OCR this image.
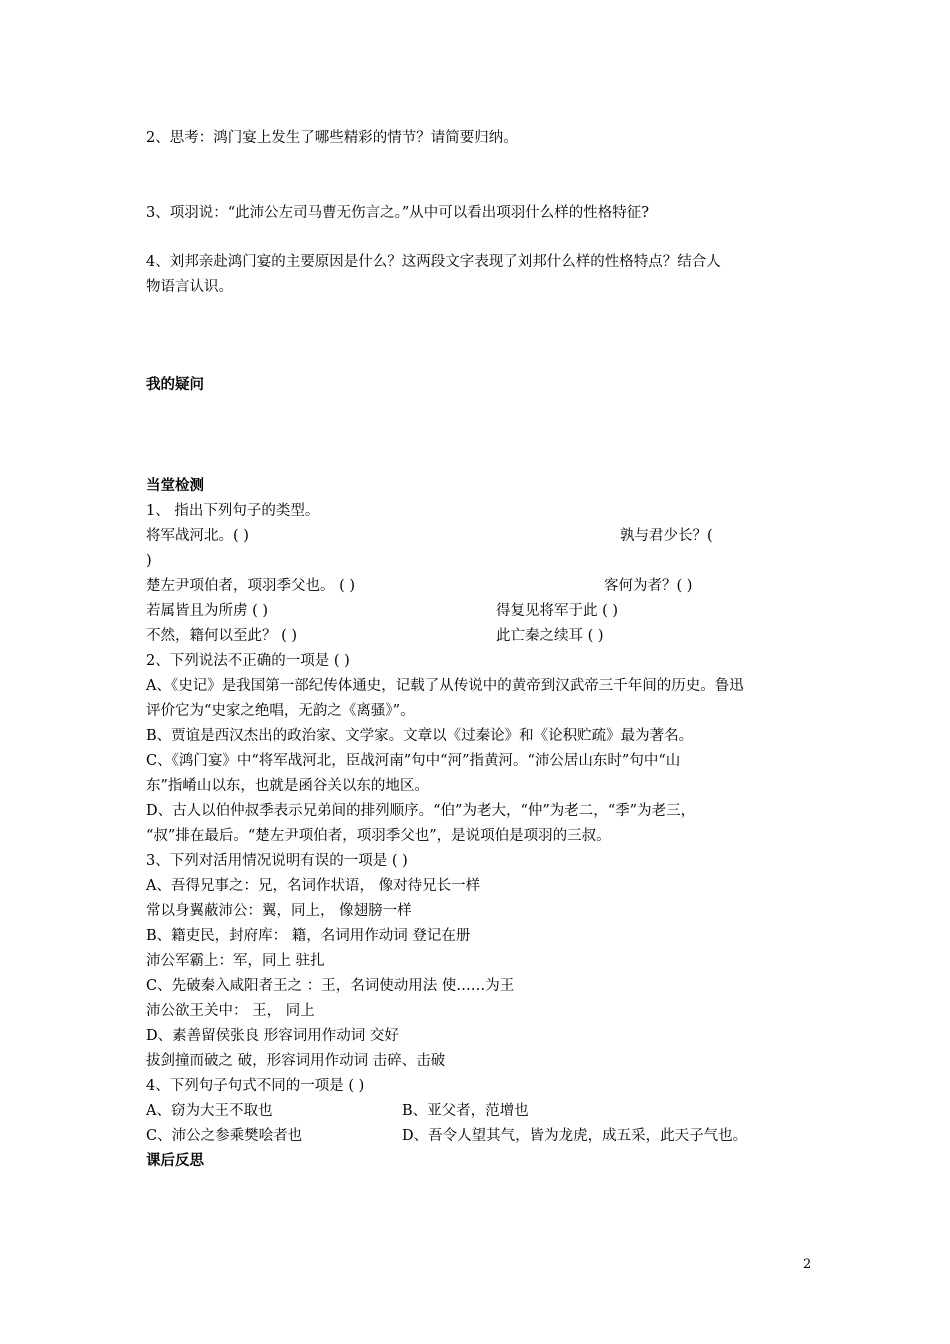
2、思考：鸿门宴上发生了哪些精彩的情节？请简要归纳。
3、项羽说：“此沛公左司马曹无伤言之。”从中可以看出项羽什么样的性格特征?
4、刘邦亲赴鸿门宴的主要原因是什么？这两段文字表现了刘邦什么样的性格特点？结合人
物语言认识。
我的疑问
当堂检测
1、 指出下列句子的类型。
将军战河北。( )	孰与君少长？(
)
楚左尹项伯者，项羽季父也。 ( )	客何为者？( )
若属皆且为所虏 ( )	得复见将军于此 ( )
不然，籍何以至此？ ( )	此亡秦之续耳 ( )
2、下列说法不正确的一项是 ( )
A、《史记》是我国第一部纪传体通史，记载了从传说中的黄帝到汉武帝三千年间的历史。鲁迅
评价它为“史家之绝唱，无韵之《离骚》”。
B、贾谊是西汉杰出的政治家、文学家。文章以《过秦论》和《论积贮疏》最为著名。
C、《鸿门宴》中“将军战河北，臣战河南”句中“河”指黄河。“沛公居山东时”句中“山
东”指崤山以东，也就是函谷关以东的地区。
D、古人以伯仲叔季表示兄弟间的排列顺序。“伯”为老大，“仲”为老二，“季”为老三，
“叔”排在最后。“楚左尹项伯者，项羽季父也”，是说项伯是项羽的三叔。
3、下列对活用情况说明有误的一项是 ( )
A、吾得兄事之：兄，名词作状语， 像对待兄长一样
常以身翼蔽沛公：翼，同上， 像翅膀一样
B、籍吏民，封府库： 籍，名词用作动词 登记在册
沛公军霸上：军，同上 驻扎
C、先破秦入咸阳者王之 ：王，名词使动用法 使……为王
沛公欲王关中： 王， 同上
D、素善留侯张良 形容词用作动词 交好
拔剑撞而破之 破，形容词用作动词 击碎、击破
4、下列句子句式不同的一项是 ( )
A、窃为大王不取也	B、亚父者，范增也
C、沛公之参乘樊哙者也	D、吾令人望其气，皆为龙虎，成五采，此天子气也。
课后反思
2
